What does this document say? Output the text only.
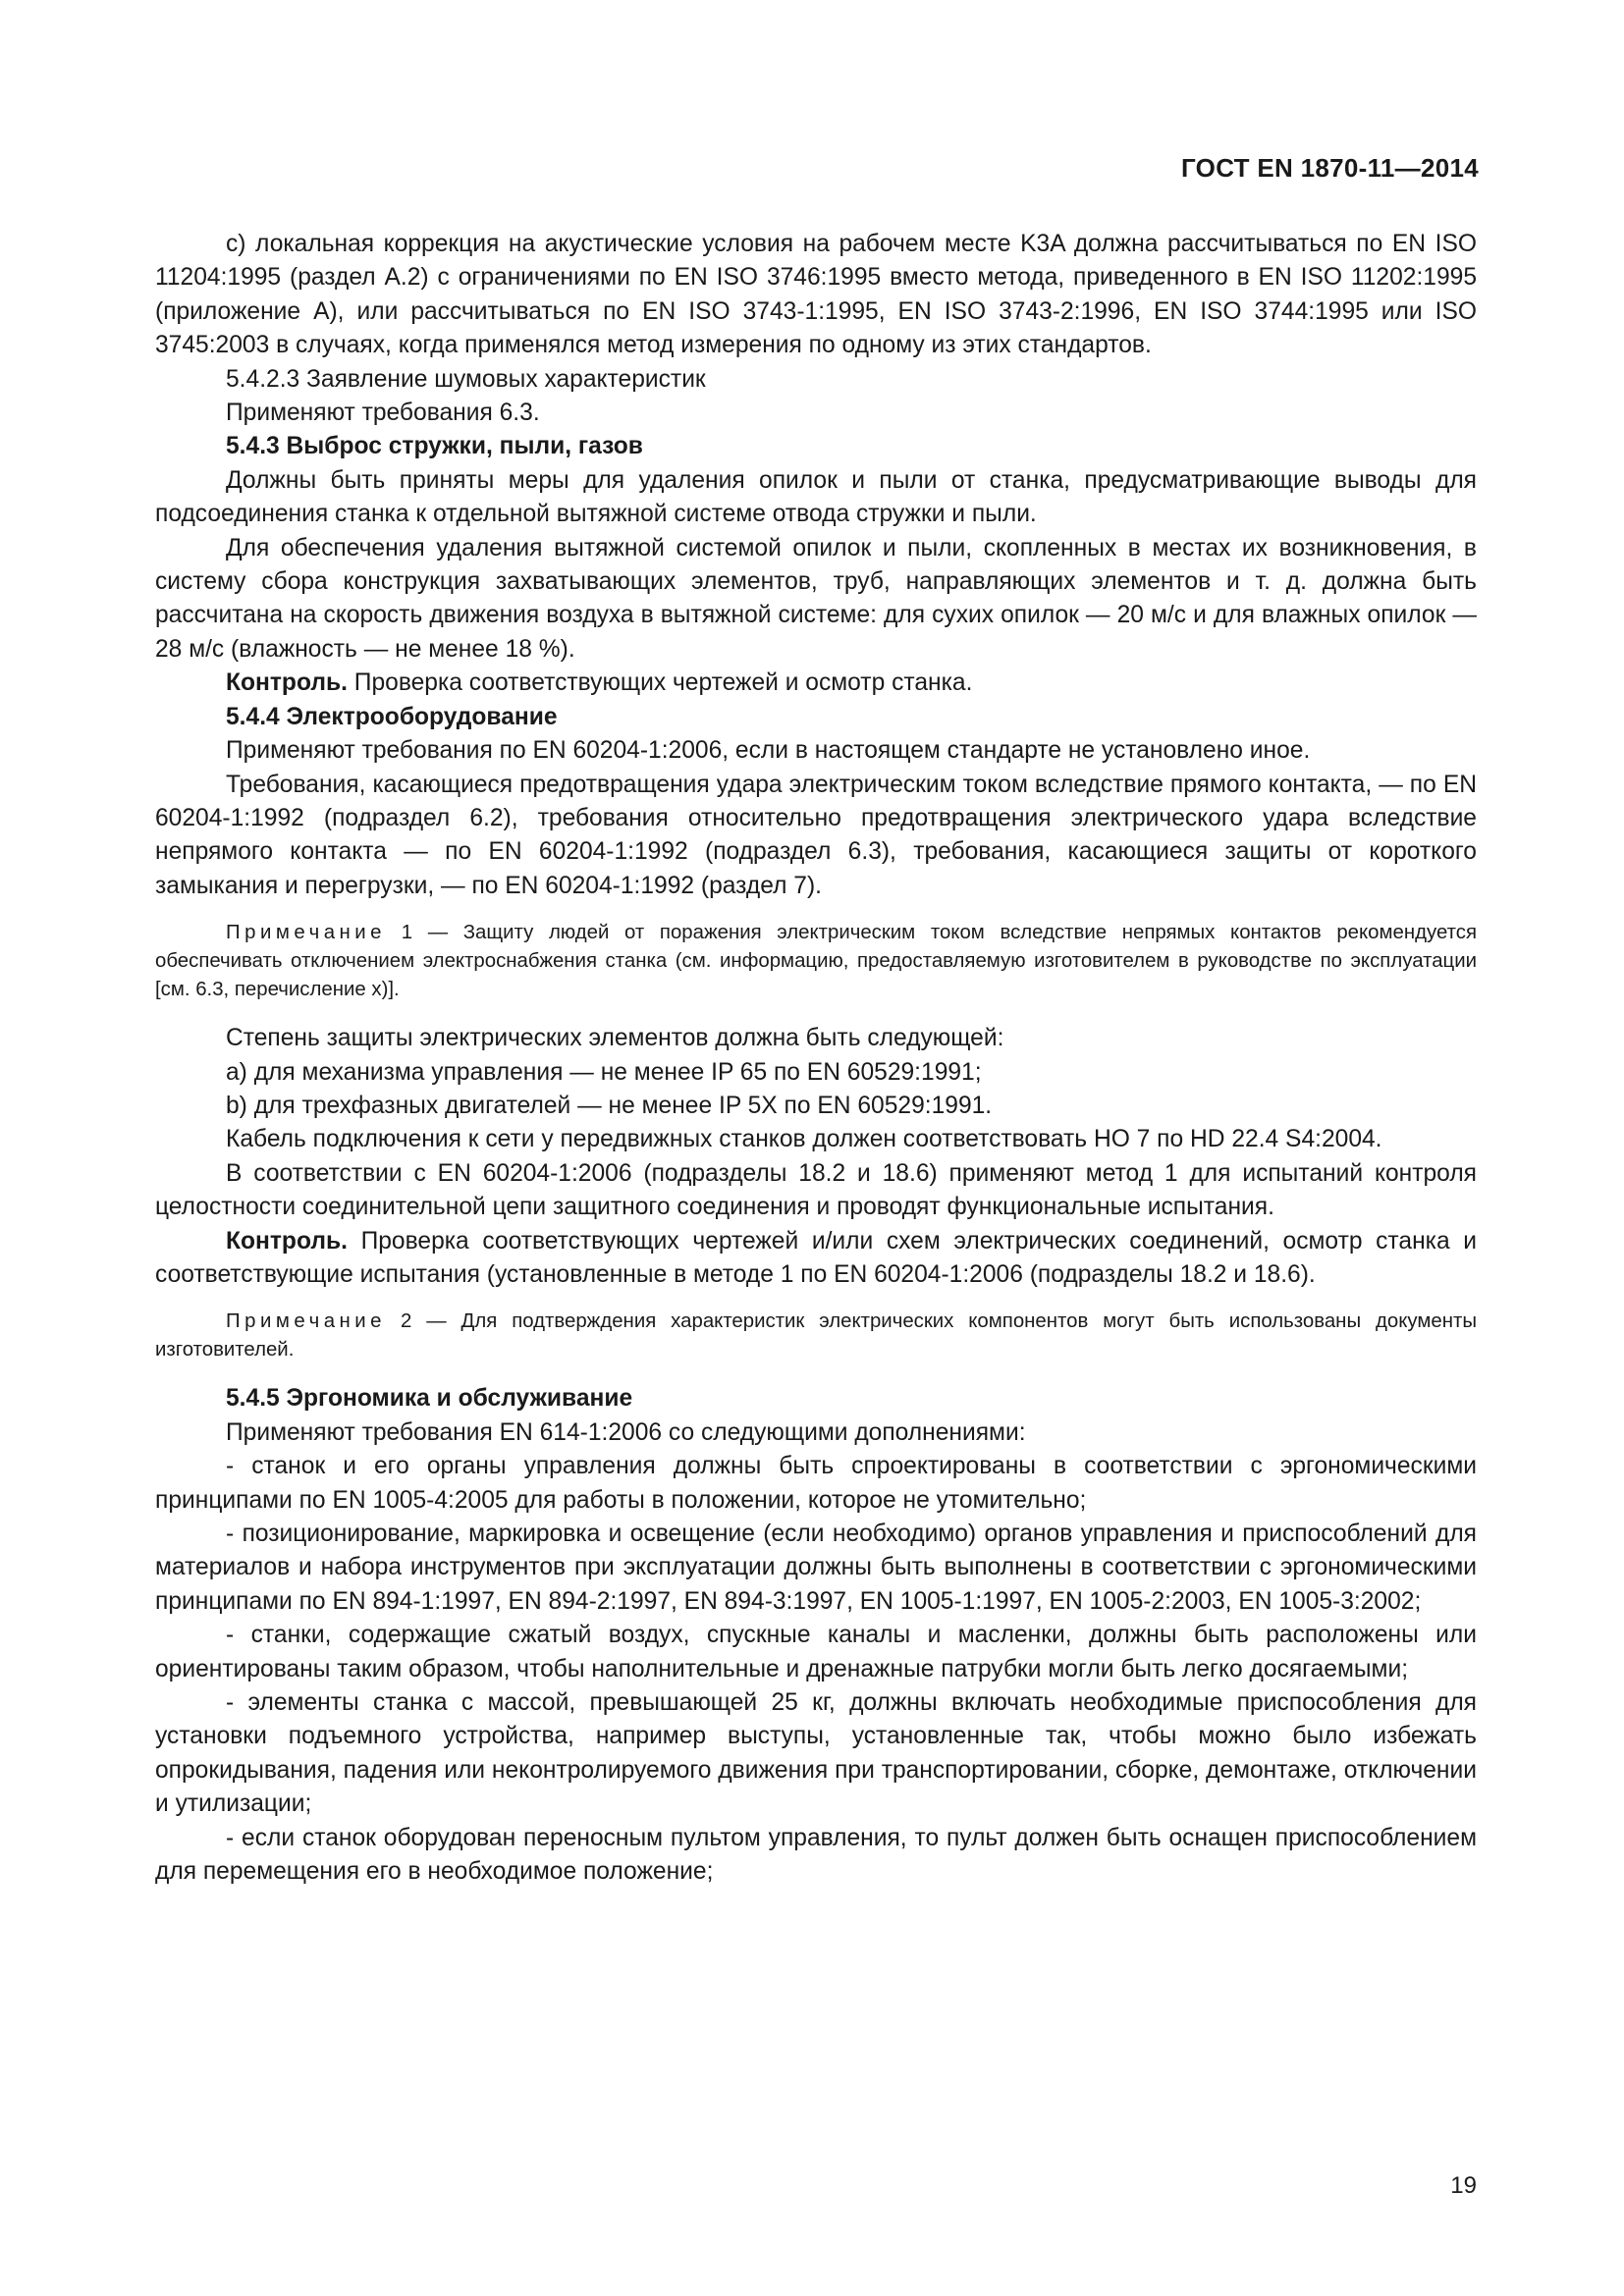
ГОСТ EN 1870-11—2014

с) локальная коррекция на акустические условия на рабочем месте K3A должна рассчитываться по EN ISO 11204:1995 (раздел А.2) с ограничениями по EN ISO 3746:1995 вместо метода, приведенного в EN ISO 11202:1995 (приложение А), или рассчитываться по EN ISO 3743-1:1995, EN ISO 3743-2:1996, EN ISO 3744:1995 или ISO 3745:2003 в случаях, когда применялся метод измерения по одному из этих стандартов.

5.4.2.3 Заявление шумовых характеристик

Применяют требования 6.3.

5.4.3 Выброс стружки, пыли, газов

Должны быть приняты меры для удаления опилок и пыли от станка, предусматривающие выводы для подсоединения станка к отдельной вытяжной системе отвода стружки и пыли.

Для обеспечения удаления вытяжной системой опилок и пыли, скопленных в местах их возникновения, в систему сбора конструкция захватывающих элементов, труб, направляющих элементов и т. д. должна быть рассчитана на скорость движения воздуха в вытяжной системе: для сухих опилок — 20 м/с и для влажных опилок — 28 м/с (влажность — не менее 18 %).

Контроль. Проверка соответствующих чертежей и осмотр станка.

5.4.4 Электрооборудование

Применяют требования по EN 60204-1:2006, если в настоящем стандарте не установлено иное.

Требования, касающиеся предотвращения удара электрическим током вследствие прямого контакта, — по EN 60204-1:1992 (подраздел 6.2), требования относительно предотвращения электрического удара вследствие непрямого контакта — по EN 60204-1:1992 (подраздел 6.3), требования, касающиеся защиты от короткого замыкания и перегрузки, — по EN 60204-1:1992 (раздел 7).

Примечание 1 — Защиту людей от поражения электрическим током вследствие непрямых контактов рекомендуется обеспечивать отключением электроснабжения станка (см. информацию, предоставляемую изготовителем в руководстве по эксплуатации [см. 6.3, перечисление х)].

Степень защиты электрических элементов должна быть следующей:

а) для механизма управления — не менее IP 65 по EN 60529:1991;

b) для трехфазных двигателей — не менее IP 5X по EN 60529:1991.

Кабель подключения к сети у передвижных станков должен соответствовать HO 7 по HD 22.4 S4:2004.

В соответствии с EN 60204-1:2006 (подразделы 18.2 и 18.6) применяют метод 1 для испытаний контроля целостности соединительной цепи защитного соединения и проводят функциональные испытания.

Контроль. Проверка соответствующих чертежей и/или схем электрических соединений, осмотр станка и соответствующие испытания (установленные в методе 1 по EN 60204-1:2006 (подразделы 18.2 и 18.6).

Примечание 2 — Для подтверждения характеристик электрических компонентов могут быть использованы документы изготовителей.

5.4.5 Эргономика и обслуживание

Применяют требования EN 614-1:2006 со следующими дополнениями:

- станок и его органы управления должны быть спроектированы в соответствии с эргономическими принципами по EN 1005-4:2005 для работы в положении, которое не утомительно;

- позиционирование, маркировка и освещение (если необходимо) органов управления и приспособлений для материалов и набора инструментов при эксплуатации должны быть выполнены в соответствии с эргономическими принципами по EN 894-1:1997, EN 894-2:1997, EN 894-3:1997, EN 1005-1:1997, EN 1005-2:2003, EN 1005-3:2002;

- станки, содержащие сжатый воздух, спускные каналы и масленки, должны быть расположены или ориентированы таким образом, чтобы наполнительные и дренажные патрубки могли быть легко досягаемыми;

- элементы станка с массой, превышающей 25 кг, должны включать необходимые приспособления для установки подъемного устройства, например выступы, установленные так, чтобы можно было избежать опрокидывания, падения или неконтролируемого движения при транспортировании, сборке, демонтаже, отключении и утилизации;

- если станок оборудован переносным пультом управления, то пульт должен быть оснащен приспособлением для перемещения его в необходимое положение;

19
